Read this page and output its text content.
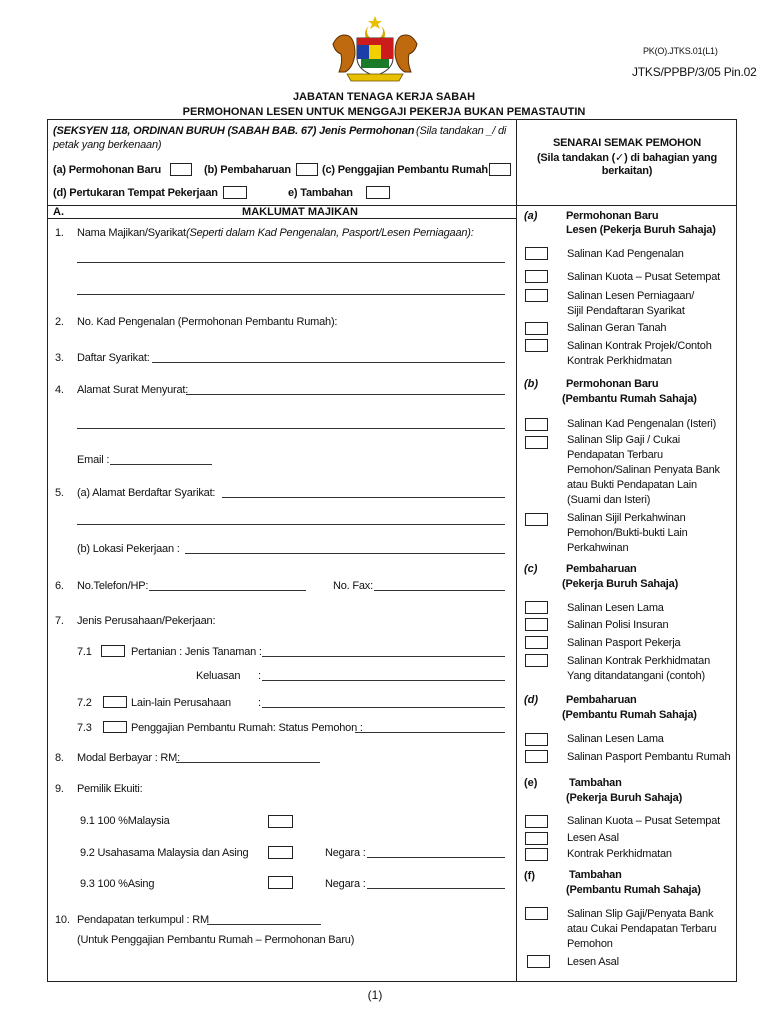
PK(O).JTKS.01(L1)
JTKS/PPBP/3/05 Pin.02
JABATAN TENAGA KERJA SABAH
PERMOHONAN LESEN UNTUK MENGGAJI PEKERJA BUKAN PEMASTAUTIN
(SEKSYEN 118, ORDINAN BURUH (SABAH BAB. 67) Jenis Permohonan (Sila tandakan _/ di
petak yang berkenaan)
(a) Permohonan Baru	(b) Pembaharuan	(c) Penggajian Pembantu Rumah
(d) Pertukaran Tempat Pekerjaan	e) Tambahan
SENARAI SEMAK PEMOHON
(Sila tandakan (✓) di bahagian yang
berkaitan)
A.	MAKLUMAT MAJIKAN
1. Nama Majikan/Syarikat (Seperti dalam Kad Pengenalan, Pasport/Lesen Perniagaan):
2. No. Kad Pengenalan (Permohonan Pembantu Rumah):
3. Daftar Syarikat:
4. Alamat Surat Menyurat:
Email :
5. (a) Alamat Berdaftar Syarikat:
(b) Lokasi Pekerjaan :
6. No.Telefon/HP:	No. Fax:
7. Jenis Perusahaan/Pekerjaan:
7.1	Pertanian : Jenis Tanaman :
Keluasan :
7.2	Lain-lain Perusahaan :
7.3	Penggajian Pembantu Rumah: Status Pemohon :
8. Modal Berbayar : RM:
9. Pemilik Ekuiti:
9.1 100 %Malaysia
9.2 Usahasama Malaysia dan Asing	Negara :
9.3 100 %Asing	Negara :
10. Pendapatan terkumpul : RM
(Untuk Penggajian Pembantu Rumah – Permohonan Baru)
(a)	Permohonan Baru
Lesen (Pekerja Buruh Sahaja)
Salinan Kad Pengenalan
Salinan Kuota – Pusat Setempat
Salinan Lesen Perniagaan/
Sijil Pendaftaran Syarikat
Salinan Geran Tanah
Salinan Kontrak Projek/Contoh
Kontrak Perkhidmatan
(b)	Permohonan Baru
(Pembantu Rumah Sahaja)
Salinan Kad Pengenalan (Isteri)
Salinan Slip Gaji / Cukai
Pendapatan Terbaru
Pemohon/Salinan Penyata Bank
atau Bukti Pendapatan Lain
(Suami dan Isteri)
Salinan Sijil Perkahwinan
Pemohon/Bukti-bukti Lain
Perkahwinan
(c)	Pembaharuan
(Pekerja Buruh Sahaja)
Salinan Lesen Lama
Salinan Polisi Insuran
Salinan Pasport Pekerja
Salinan Kontrak Perkhidmatan
Yang ditandatangani (contoh)
(d)	Pembaharuan
(Pembantu Rumah Sahaja)
Salinan Lesen Lama
Salinan Pasport Pembantu Rumah
(e)	Tambahan
(Pekerja Buruh Sahaja)
Salinan Kuota – Pusat Setempat
Lesen Asal
Kontrak Perkhidmatan
(f)	Tambahan
(Pembantu Rumah Sahaja)
Salinan Slip Gaji/Penyata Bank
atau Cukai Pendapatan Terbaru
Pemohon
Lesen Asal
(1)
